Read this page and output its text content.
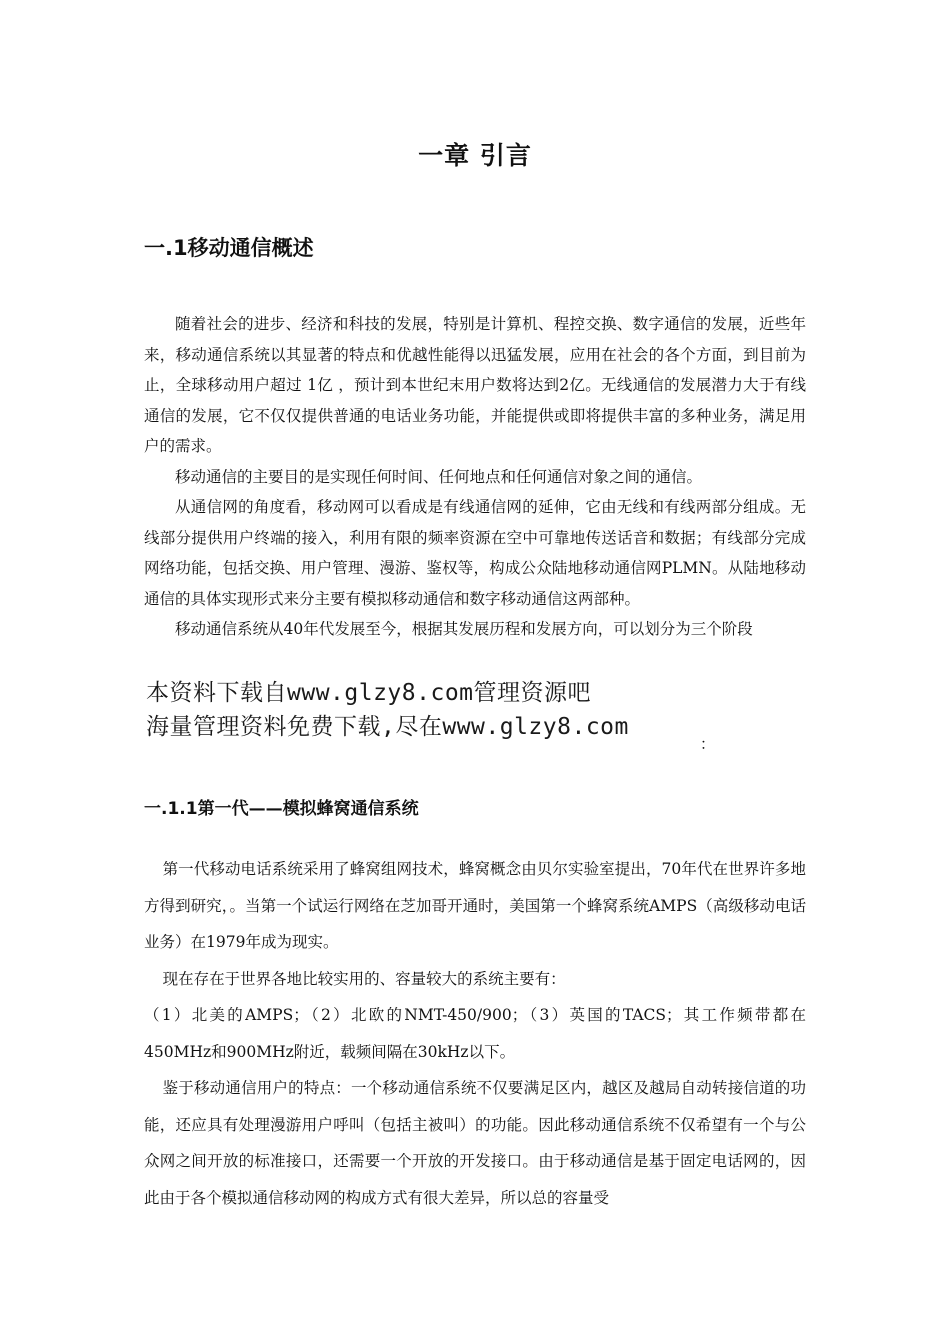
一章 引言
一.1移动通信概述

随着社会的进步、经济和科技的发展，特别是计算机、程控交换、数字通信的发展，近些年来，移动通信系统以其显著的特点和优越性能得以迅猛发展，应用在社会的各个方面，到目前为止，全球移动用户超过 1亿 ，预计到本世纪末用户数将达到2亿。无线通信的发展潜力大于有线通信的发展，它不仅仅提供普通的电话业务功能，并能提供或即将提供丰富的多种业务，满足用户的需求。

移动通信的主要目的是实现任何时间、任何地点和任何通信对象之间的通信。

从通信网的角度看，移动网可以看成是有线通信网的延伸，它由无线和有线两部分组成。无线部分提供用户终端的接入，利用有限的频率资源在空中可靠地传送话音和数据；有线部分完成网络功能，包括交换、用户管理、漫游、鉴权等，构成公众陆地移动通信网PLMN。从陆地移动通信的具体实现形式来分主要有模拟移动通信和数字移动通信这两部种。

移动通信系统从40年代发展至今，根据其发展历程和发展方向，可以划分为三个阶段

本资料下载自www.glzy8.com管理资源吧
海量管理资料免费下载,尽在www.glzy8.com
：
一.1.1第一代——模拟蜂窝通信系统

第一代移动电话系统采用了蜂窝组网技术，蜂窝概念由贝尔实验室提出，70年代在世界许多地方得到研究，。当第一个试运行网络在芝加哥开通时，美国第一个蜂窝系统AMPS（高级移动电话业务）在1979年成为现实。

现在存在于世界各地比较实用的、容量较大的系统主要有：

（1）北美的AMPS；（2）北欧的NMT-450/900；（3）英国的TACS；其工作频带都在450MHz和900MHz附近，载频间隔在30kHz以下。

鉴于移动通信用户的特点：一个移动通信系统不仅要满足区内，越区及越局自动转接信道的功能，还应具有处理漫游用户呼叫（包括主被叫）的功能。因此移动通信系统不仅希望有一个与公众网之间开放的标准接口，还需要一个开放的开发接口。由于移动通信是基于固定电话网的，因此由于各个模拟通信移动网的构成方式有很大差异，所以总的容量受
